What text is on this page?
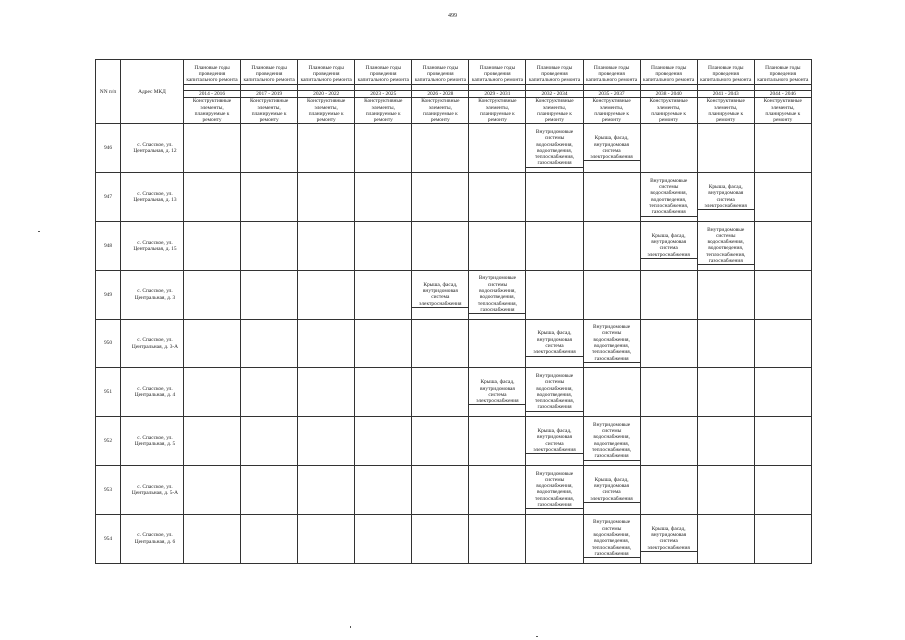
499
NN п/п	Адрес МКД	Плановые годы проведения капитального ремонта	Плановые годы проведения капитального ремонта	Плановые годы проведения капитального ремонта	Плановые годы проведения капитального ремонта	Плановые годы проведения капитального ремонта	Плановые годы проведения капитального ремонта	Плановые годы проведения капитального ремонта	Плановые годы проведения капитального ремонта	Плановые годы проведения капитального ремонта	Плановые годы проведения капитального ремонта	Плановые годы проведения капитального ремонта

		2014 - 2016	2017 - 2019	2020 - 2022	2023 - 2025	2026 - 2028	2029 - 2031	2032 - 2034	2035 - 2037	2038 - 2040	2041 - 2043	2044 - 2046

		Конструктивные элементы, планируемые к ремонту	Конструктивные элементы, планируемые к ремонту	Конструктивные элементы, планируемые к ремонту	Конструктивные элементы, планируемые к ремонту	Конструктивные элементы, планируемые к ремонту	Конструктивные элементы, планируемые к ремонту	Конструктивные элементы, планируемые к ремонту	Конструктивные элементы, планируемые к ремонту	Конструктивные элементы, планируемые к ремонту	Конструктивные элементы, планируемые к ремонту	Конструктивные элементы, планируемые к ремонту

946	с. Спасское, ул.
Центральная, д. 12							Внутридомовые системы водоснабжения, водоотведения, теплоснабжения, газоснабжения	Крыша, фасад, внутридомовая система электроснабжения			

947	с. Спасское, ул.
Центральная, д. 13									Внутридомовые системы водоснабжения, водоотведения, теплоснабжения, газоснабжения	Крыша, фасад, внутридомовая система электроснабжения	

948	с. Спасское, ул.
Центральная, д. 15									Крыша, фасад, внутридомовая система электроснабжения	Внутридомовые системы водоснабжения, водоотведения, теплоснабжения, газоснабжения	

949	с. Спасское, ул.
Центральная, д. 3					Крыша, фасад, внутридомовая система электроснабжения	Внутридомовые системы водоснабжения, водоотведения, теплоснабжения, газоснабжения					

950	с. Спасское, ул.
Центральная, д. 3-А							Крыша, фасад, внутридомовая система электроснабжения	Внутридомовые системы водоснабжения, водоотведения, теплоснабжения, газоснабжения			

951	с. Спасское, ул.
Центральная, д. 4						Крыша, фасад, внутридомовая система электроснабжения	Внутридомовые системы водоснабжения, водоотведения, теплоснабжения, газоснабжения				

952	с. Спасское, ул.
Центральная, д. 5							Крыша, фасад, внутридомовая система электроснабжения	Внутридомовые системы водоснабжения, водоотведения, теплоснабжения, газоснабжения			

953	с. Спасское, ул.
Центральная, д. 5-А							Внутридомовые системы водоснабжения, водоотведения, теплоснабжения, газоснабжения	Крыша, фасад, внутридомовая система электроснабжения			

954	с. Спасское, ул.
Центральная, д. 6								Внутридомовые системы водоснабжения, водоотведения, теплоснабжения, газоснабжения	Крыша, фасад, внутридомовая система электроснабжения		
